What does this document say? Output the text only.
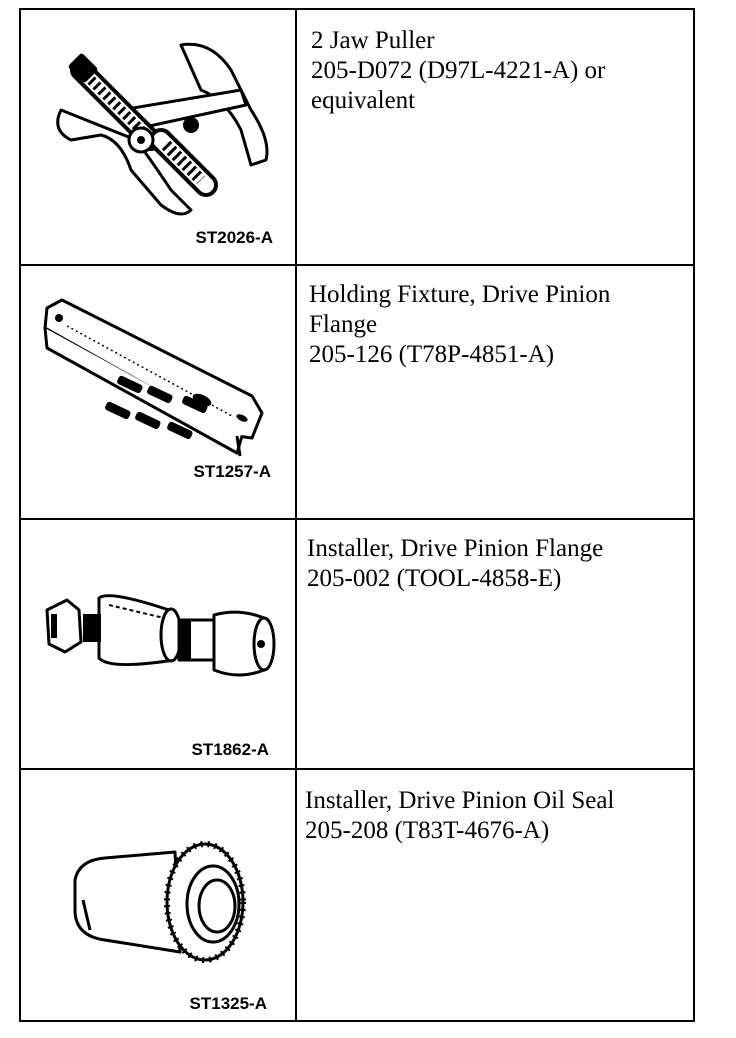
ST2026-A
2 Jaw Puller
205-D072 (D97L-4221-A) or
equivalent
ST1257-A
Holding Fixture, Drive Pinion
Flange
205-126 (T78P-4851-A)
ST1862-A
Installer, Drive Pinion Flange
205-002 (TOOL-4858-E)
ST1325-A
Installer, Drive Pinion Oil Seal
205-208 (T83T-4676-A)
